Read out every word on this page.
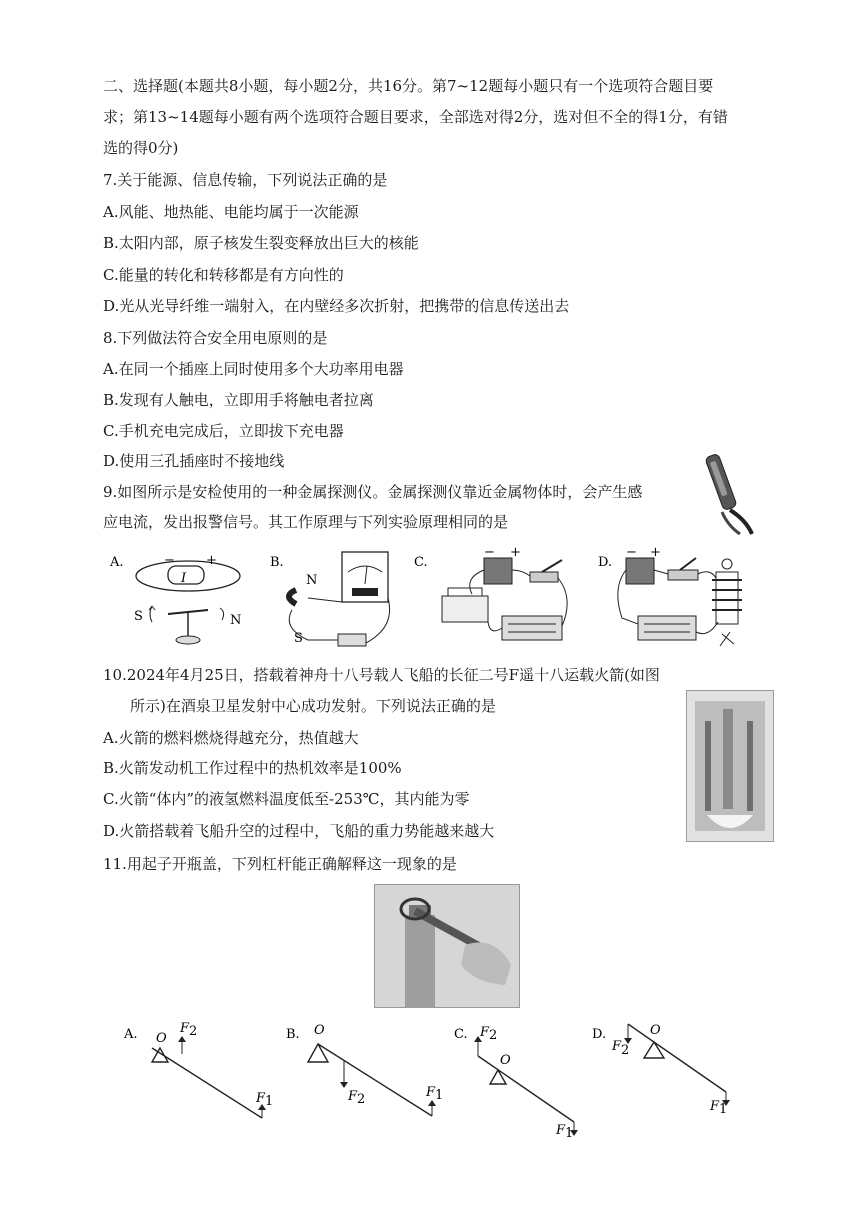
二、选择题(本题共8小题，每小题2分，共16分。第7~12题每小题只有一个选项符合题目要
求；第13~14题每小题有两个选项符合题目要求，全部选对得2分，选对但不全的得1分，有错
选的得0分)
7.关于能源、信息传输，下列说法正确的是
A.风能、地热能、电能均属于一次能源
B.太阳内部，原子核发生裂变释放出巨大的核能
C.能量的转化和转移都是有方向性的
D.光从光导纤维一端射入，在内壁经多次折射，把携带的信息传送出去
8.下列做法符合安全用电原则的是
A.在同一个插座上同时使用多个大功率用电器
B.发现有人触电，立即用手将触电者拉离
C.手机充电完成后，立即拔下充电器
D.使用三孔插座时不接地线
9.如图所示是安检使用的一种金属探测仪。金属探测仪靠近金属物体时，会产生感
应电流，发出报警信号。其工作原理与下列实验原理相同的是
A.	− +
I
S	N
B.
N
S
C.
− +
D.
− +
10.2024年4月25日，搭载着神舟十八号载人飞船的长征二号F遥十八运载火箭(如图
所示)在酒泉卫星发射中心成功发射。下列说法正确的是
A.火箭的燃料燃烧得越充分，热值越大
B.火箭发动机工作过程中的热机效率是100%
C.火箭“体内”的液氢燃料温度低至-253℃，其内能为零
D.火箭搭载着飞船升空的过程中，飞船的重力势能越来越大
11.用起子开瓶盖，下列杠杆能正确解释这一现象的是
A. O
F 2
F 1
B. O
F 2	F 1
C.
O
F 2
F 1
D.	O
F 2
F 1
